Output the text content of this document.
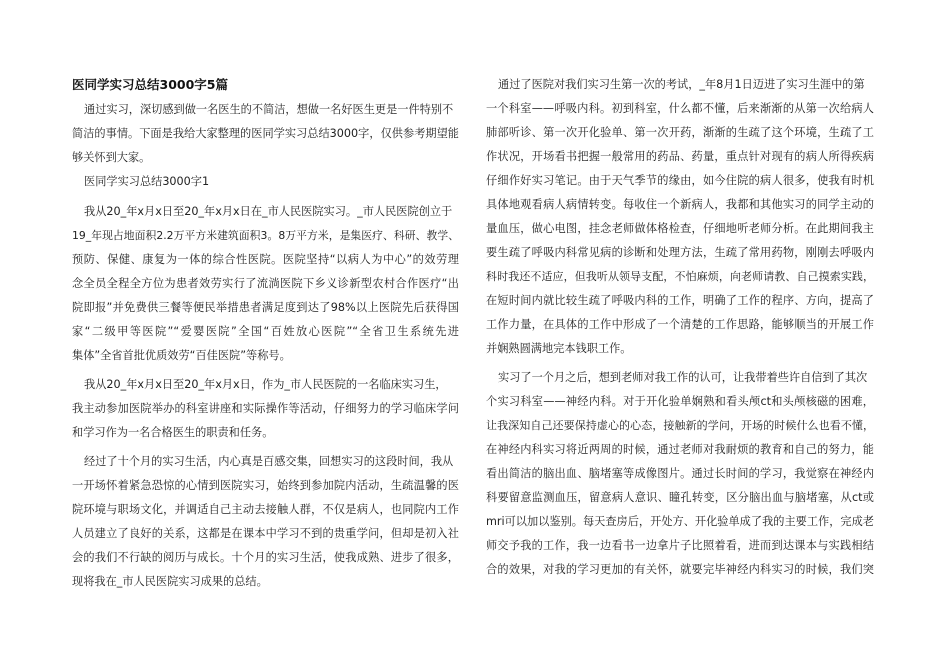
医同学实习总结3000字5篇
通过实习，深切感到做一名医生的不简洁，想做一名好医生更是一件特别不
简洁的事情。下面是我给大家整理的医同学实习总结3000字，仅供参考期望能
够关怀到大家。
医同学实习总结3000字1
我从20_年x月x日至20_年x月x日在_市人民医院实习。_市人民医院创立于
19_年现占地面积2.2万平方米建筑面积3。8万平方米，是集医疗、科研、教学、
预防、保健、康复为一体的综合性医院。医院坚持“以病人为中心”的效劳理
念全员全程全方位为患者效劳实行了流淌医院下乡义诊新型农村合作医疗“出
院即报”并免费供三餐等便民举措患者满足度到达了98%以上医院先后获得国
家“二级甲等医院”“爱婴医院”全国“百姓放心医院”“全省卫生系统先进
集体”全省首批优质效劳“百佳医院”等称号。
我从20_年x月x日至20_年x月x日，作为_市人民医院的一名临床实习生，
我主动参加医院举办的科室讲座和实际操作等活动，仔细努力的学习临床学问
和学习作为一名合格医生的职责和任务。
经过了十个月的实习生活，内心真是百感交集，回想实习的这段时间，我从
一开场怀着紧急恐惊的心情到医院实习，始终到参加院内活动，生疏温馨的医
院环境与职场文化，并调适自己主动去接触人群，不仅是病人，也同院内工作
人员建立了良好的关系，这都是在课本中学习不到的贵重学问，但却是初入社
会的我们不行缺的阅历与成长。十个月的实习生活，使我成熟、进步了很多，
现将我在_市人民医院实习成果的总结。
通过了医院对我们实习生第一次的考试，_年8月1日迈进了实习生涯中的第
一个科室——呼吸内科。初到科室，什么都不懂，后来渐渐的从第一次给病人
肺部听诊、第一次开化验单、第一次开药，渐渐的生疏了这个环境，生疏了工
作状况，开场看书把握一般常用的药品、药量，重点针对现有的病人所得疾病
仔细作好实习笔记。由于天气季节的缘由，如今住院的病人很多，使我有时机
具体地观看病人病情转变。每收住一个新病人，我都和其他实习的同学主动的
量血压，做心电图，挂念老师做体格检查，仔细地听老师分析。在此期间我主
要生疏了呼吸内科常见病的诊断和处理方法，生疏了常用药物，刚刚去呼吸内
科时我还不适应，但我听从领导支配，不怕麻烦，向老师请教、自己摸索实践，
在短时间内就比较生疏了呼吸内科的工作，明确了工作的程序、方向，提高了
工作力量，在具体的工作中形成了一个清楚的工作思路，能够顺当的开展工作
并娴熟圆满地完本钱职工作。
实习了一个月之后，想到老师对我工作的认可，让我带着些许自信到了其次
个实习科室——神经内科。对于开化验单娴熟和看头颅ct和头颅核磁的困难，
让我深知自己还要保持虚心的心态，接触新的学问，开场的时候什么也看不懂，
在神经内科实习将近两周的时候，通过老师对我耐烦的教育和自己的努力，能
看出简洁的脑出血、脑堵塞等成像图片。通过长时间的学习，我觉察在神经内
科要留意监测血压，留意病人意识、瞳孔转变，区分脑出血与脑堵塞，从ct或
mri可以加以鉴别。每天查房后，开处方、开化验单成了我的主要工作，完成老
师交予我的工作，我一边看书一边拿片子比照着看，进而到达课本与实践相结
合的效果，对我的学习更加的有关怀，就要完毕神经内科实习的时候，我们突
